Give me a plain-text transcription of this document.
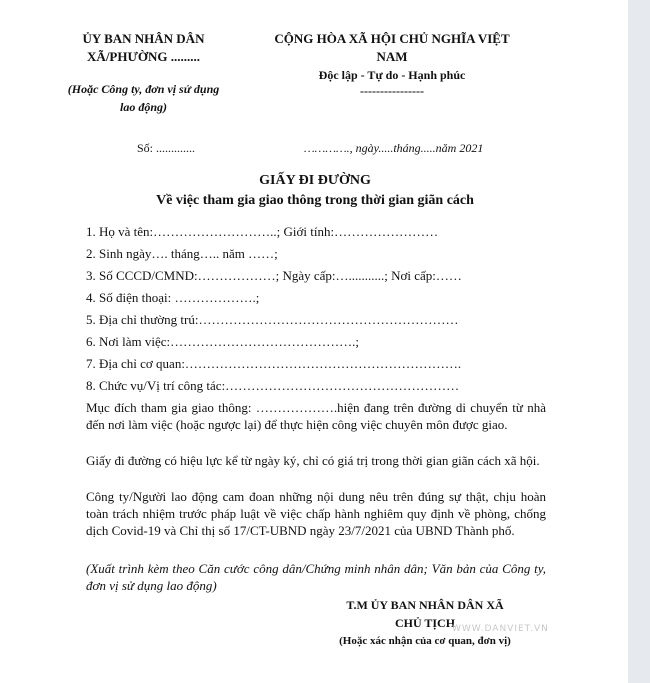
ỦY BAN NHÂN DÂN
XÃ/PHƯỜNG .........
(Hoặc Công ty, đơn vị sử dụng
lao động)
CỘNG HÒA XÃ HỘI CHỦ NGHĨA VIỆT NAM
Độc lập - Tự do - Hạnh phúc
----------------
Số: .............	…………., ngày.....tháng.....năm 2021
GIẤY ĐI ĐƯỜNG
Về việc tham gia giao thông trong thời gian giãn cách
1. Họ và tên:………………………..; Giới tính:……………………
2. Sinh ngày…. tháng….. năm ……;
3. Số CCCD/CMND:………………; Ngày cấp:…...........; Nơi cấp:……
4. Số điện thoại: ……………….;
5. Địa chỉ thường trú:……………………………………………………
6. Nơi làm việc:…………………………………….;
7. Địa chỉ cơ quan:……………………………………………………….
8. Chức vụ/Vị trí công tác:………………………………………………
Mục đích tham gia giao thông: ……………….hiện đang trên đường di chuyển từ nhà đến nơi làm việc (hoặc ngược lại) để thực hiện công việc chuyên môn được giao.
Giấy đi đường có hiệu lực kể từ ngày ký, chỉ có giá trị trong thời gian giãn cách xã hội.
Công ty/Người lao động cam đoan những nội dung nêu trên đúng sự thật, chịu hoàn toàn trách nhiệm trước pháp luật về việc chấp hành nghiêm quy định về phòng, chống dịch Covid-19 và Chỉ thị số 17/CT-UBND ngày 23/7/2021 của UBND Thành phố.
(Xuất trình kèm theo Căn cước công dân/Chứng minh nhân dân; Văn bản của Công ty, đơn vị sử dụng lao động)
T.M ỦY BAN NHÂN DÂN XÃ
CHỦ TỊCH
(Hoặc xác nhận của cơ quan, đơn vị)
WWW.DANVIET.VN
